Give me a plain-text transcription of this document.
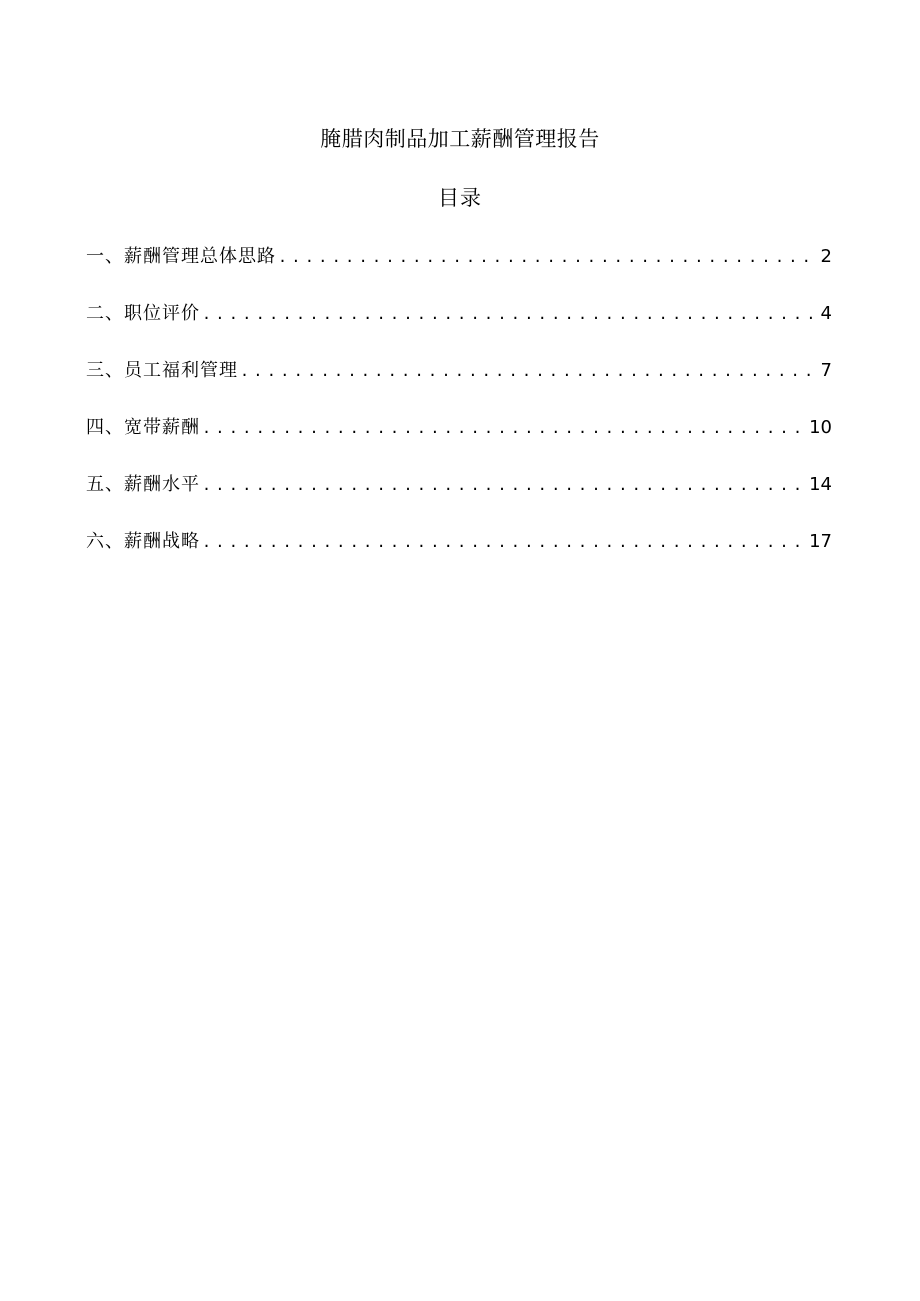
腌腊肉制品加工薪酬管理报告
目录
一、薪酬管理总体思路 .....	2
二、职位评价 .....	4
三、员工福利管理 .....	7
四、宽带薪酬 .....	10
五、薪酬水平 .....	14
六、薪酬战略 .....	17
